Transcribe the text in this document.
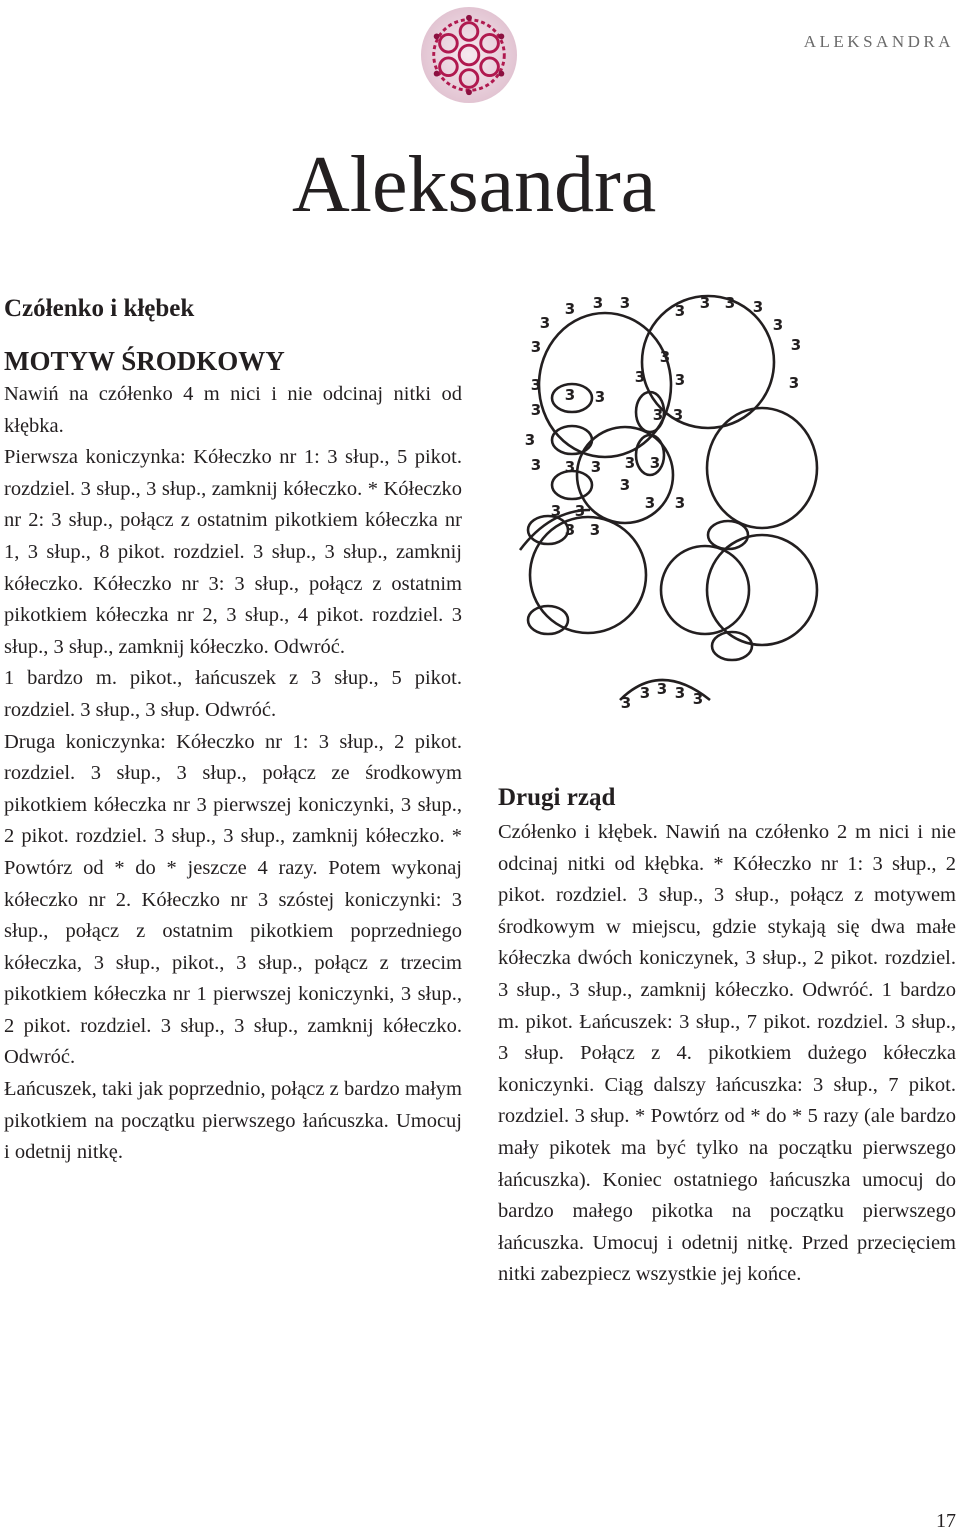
ALEKSANDRA
Aleksandra
Czółenko i kłębek
MOTYW ŚRODKOWY

Nawiń na czółenko 4 m nici i nie odcinaj nitki od kłębka.

Pierwsza koniczynka: Kółeczko nr 1: 3 słup., 5 pikot. rozdziel. 3 słup., 3 słup., zamknij kółeczko. * Kółeczko nr 2: 3 słup., połącz z ostatnim pikotkiem kółeczka nr 1, 3 słup., 8 pikot. rozdziel. 3 słup., 3 słup., zamknij kółeczko. Kółeczko nr 3: 3 słup., połącz z ostatnim pikotkiem kółeczka nr 2, 3 słup., 4 pikot. rozdziel. 3 słup., 3 słup., zamknij kółeczko. Odwróć.

1 bardzo m. pikot., łańcuszek z 3 słup., 5 pikot. rozdziel. 3 słup., 3 słup. Odwróć.

Druga koniczynka: Kółeczko nr 1: 3 słup., 2 pikot. rozdziel. 3 słup., 3 słup., połącz ze środkowym pikotkiem kółeczka nr 3 pierwszej koniczynki, 3 słup., 2 pikot. rozdziel. 3 słup., 3 słup., zamknij kółeczko. * Powtórz od * do * jeszcze 4 razy. Potem wykonaj kółeczko nr 2. Kółeczko nr 3 szóstej koniczynki: 3 słup., połącz z ostatnim pikotkiem poprzedniego kółeczka, 3 słup., pikot., 3 słup., połącz z trzecim pikotkiem kółeczka nr 1 pierwszej koniczynki, 3 słup., 2 pikot. rozdziel. 3 słup., 3 słup., zamknij kółeczko. Odwróć.

Łańcuszek, taki jak poprzednio, połącz z bardzo małym pikotkiem na początku pierwszego łańcuszka. Umocuj i odetnij nitkę.

3
3 3 3	3 3 3 3
3
3
3
3
3
3
3
3 3
3 3
3 3
3 3
3
3
3
3 3
3 3
3
3 3
3
3
3 3 3 3
Drugi rząd

Czółenko i kłębek. Nawiń na czółenko 2 m nici i nie odcinaj nitki od kłębka. * Kółeczko nr 1: 3 słup., 2 pikot. rozdziel. 3 słup., 3 słup., połącz z motywem środkowym w miejscu, gdzie stykają się dwa małe kółeczka dwóch koniczynek, 3 słup., 2 pikot. rozdziel. 3 słup., 3 słup., zamknij kółeczko. Odwróć. 1 bardzo m. pikot. Łańcuszek: 3 słup., 7 pikot. rozdziel. 3 słup., 3 słup. Połącz z 4. pikotkiem dużego kółeczka koniczynki. Ciąg dalszy łańcuszka: 3 słup., 7 pikot. rozdziel. 3 słup. * Powtórz od * do * 5 razy (ale bardzo mały pikotek ma być tylko na początku pierwszego łańcuszka). Koniec ostatniego łańcuszka umocuj do bardzo małego pikotka na początku pierwszego łańcuszka. Umocuj i odetnij nitkę. Przed przecięciem nitki zabezpiecz wszystkie jej końce.

17
